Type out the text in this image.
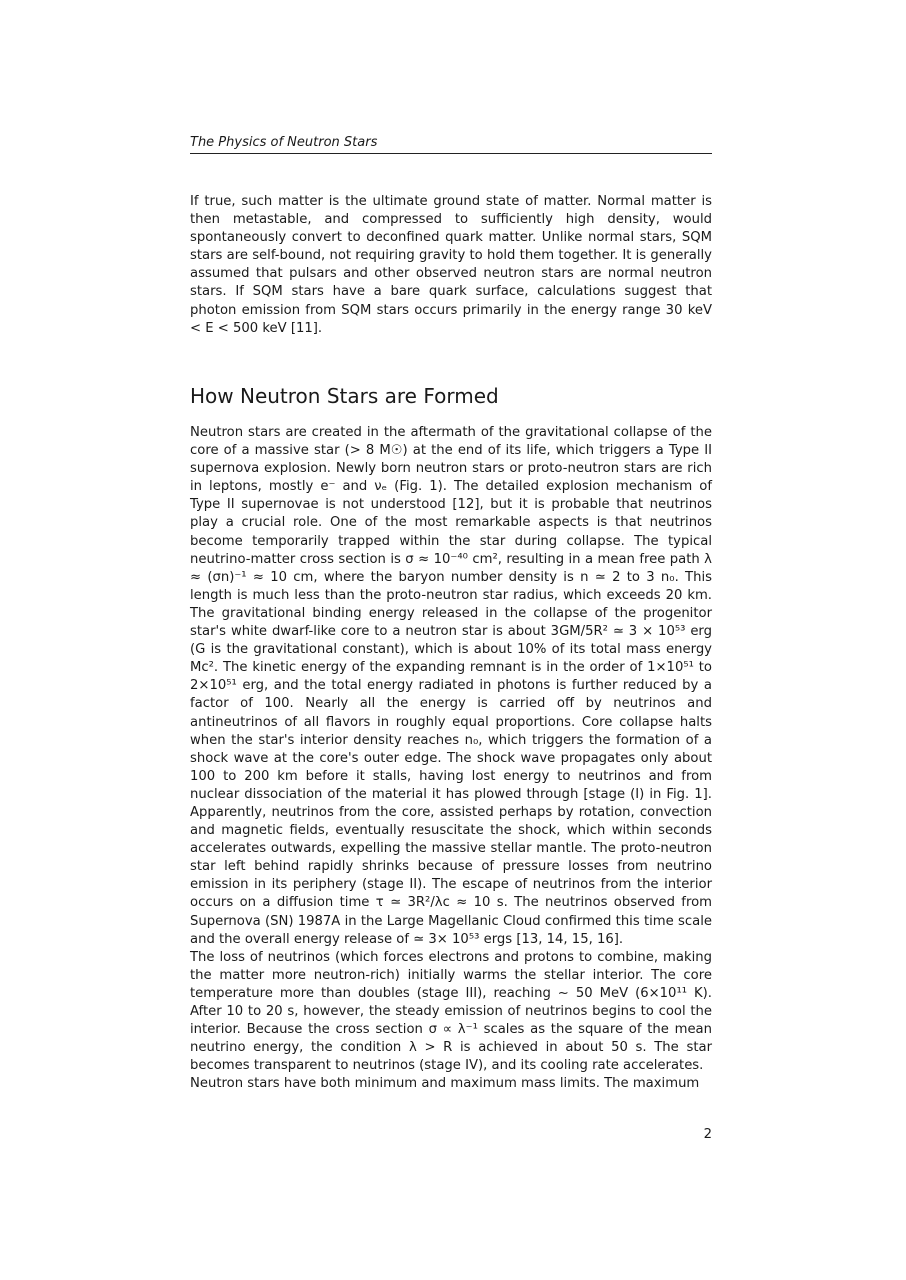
The Physics of Neutron Stars

If true, such matter is the ultimate ground state of matter. Normal matter is then metastable, and compressed to sufficiently high density, would spontaneously convert to deconfined quark matter. Unlike normal stars, SQM stars are self-bound, not requiring gravity to hold them together. It is generally assumed that pulsars and other observed neutron stars are normal neutron stars. If SQM stars have a bare quark surface, calculations suggest that photon emission from SQM stars occurs primarily in the energy range 30 keV < E < 500 keV [11].

How Neutron Stars are Formed

Neutron stars are created in the aftermath of the gravitational collapse of the core of a massive star (> 8 M☉) at the end of its life, which triggers a Type II supernova explosion. Newly born neutron stars or proto-neutron stars are rich in leptons, mostly e⁻ and νₑ (Fig. 1). The detailed explosion mechanism of Type II supernovae is not understood [12], but it is probable that neutrinos play a crucial role. One of the most remarkable aspects is that neutrinos become temporarily trapped within the star during collapse. The typical neutrino-matter cross section is σ ≈ 10⁻⁴⁰ cm², resulting in a mean free path λ ≈ (σn)⁻¹ ≈ 10 cm, where the baryon number density is n ≃ 2 to 3 n₀. This length is much less than the proto-neutron star radius, which exceeds 20 km. The gravitational binding energy released in the collapse of the progenitor star's white dwarf-like core to a neutron star is about 3GM/5R² ≃ 3 × 10⁵³ erg (G is the gravitational constant), which is about 10% of its total mass energy Mc². The kinetic energy of the expanding remnant is in the order of 1×10⁵¹ to 2×10⁵¹ erg, and the total energy radiated in photons is further reduced by a factor of 100. Nearly all the energy is carried off by neutrinos and antineutrinos of all flavors in roughly equal proportions. Core collapse halts when the star's interior density reaches n₀, which triggers the formation of a shock wave at the core's outer edge. The shock wave propagates only about 100 to 200 km before it stalls, having lost energy to neutrinos and from nuclear dissociation of the material it has plowed through [stage (I) in Fig. 1]. Apparently, neutrinos from the core, assisted perhaps by rotation, convection and magnetic fields, eventually resuscitate the shock, which within seconds accelerates outwards, expelling the massive stellar mantle. The proto-neutron star left behind rapidly shrinks because of pressure losses from neutrino emission in its periphery (stage II). The escape of neutrinos from the interior occurs on a diffusion time τ ≃ 3R²/λc ≈ 10 s. The neutrinos observed from Supernova (SN) 1987A in the Large Magellanic Cloud confirmed this time scale and the overall energy release of ≃ 3× 10⁵³ ergs [13, 14, 15, 16].

The loss of neutrinos (which forces electrons and protons to combine, making the matter more neutron-rich) initially warms the stellar interior. The core temperature more than doubles (stage III), reaching ~ 50 MeV (6×10¹¹ K). After 10 to 20 s, however, the steady emission of neutrinos begins to cool the interior. Because the cross section σ ∝ λ⁻¹ scales as the square of the mean neutrino energy, the condition λ > R is achieved in about 50 s. The star becomes transparent to neutrinos (stage IV), and its cooling rate accelerates.

Neutron stars have both minimum and maximum mass limits. The maximum

2
